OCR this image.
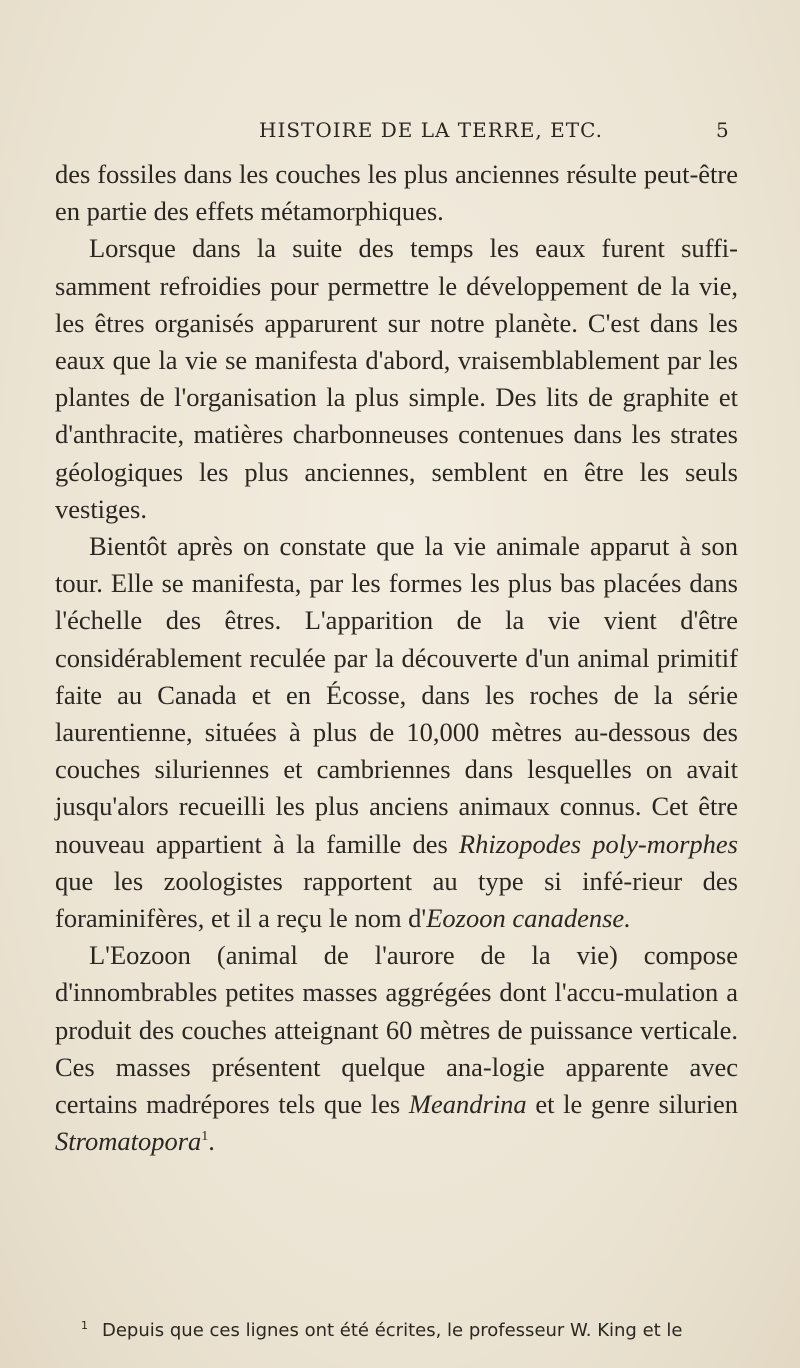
HISTOIRE DE LA TERRE, ETC.	5

des fossiles dans les couches les plus anciennes résulte peut-être en partie des effets métamorphiques.

Lorsque dans la suite des temps les eaux furent suffi-samment refroidies pour permettre le développement de la vie, les êtres organisés apparurent sur notre planète. C'est dans les eaux que la vie se manifesta d'abord, vraisemblablement par les plantes de l'organisation la plus simple. Des lits de graphite et d'anthracite, matières charbonneuses contenues dans les strates géologiques les plus anciennes, semblent en être les seuls vestiges.

Bientôt après on constate que la vie animale apparut à son tour. Elle se manifesta, par les formes les plus bas placées dans l'échelle des êtres. L'apparition de la vie vient d'être considérablement reculée par la découverte d'un animal primitif faite au Canada et en Écosse, dans les roches de la série laurentienne, situées à plus de 10,000 mètres au-dessous des couches siluriennes et cambriennes dans lesquelles on avait jusqu'alors recueilli les plus anciens animaux connus. Cet être nouveau appartient à la famille des Rhizopodes poly-morphes que les zoologistes rapportent au type si infé-rieur des foraminifères, et il a reçu le nom d'Eozoon canadense.

L'Eozoon (animal de l'aurore de la vie) compose d'innombrables petites masses aggrégées dont l'accu-mulation a produit des couches atteignant 60 mètres de puissance verticale. Ces masses présentent quelque ana-logie apparente avec certains madrépores tels que les Meandrina et le genre silurien Stromatopora$^1$.

$^1$ Depuis que ces lignes ont été écrites, le professeur W. King et le
